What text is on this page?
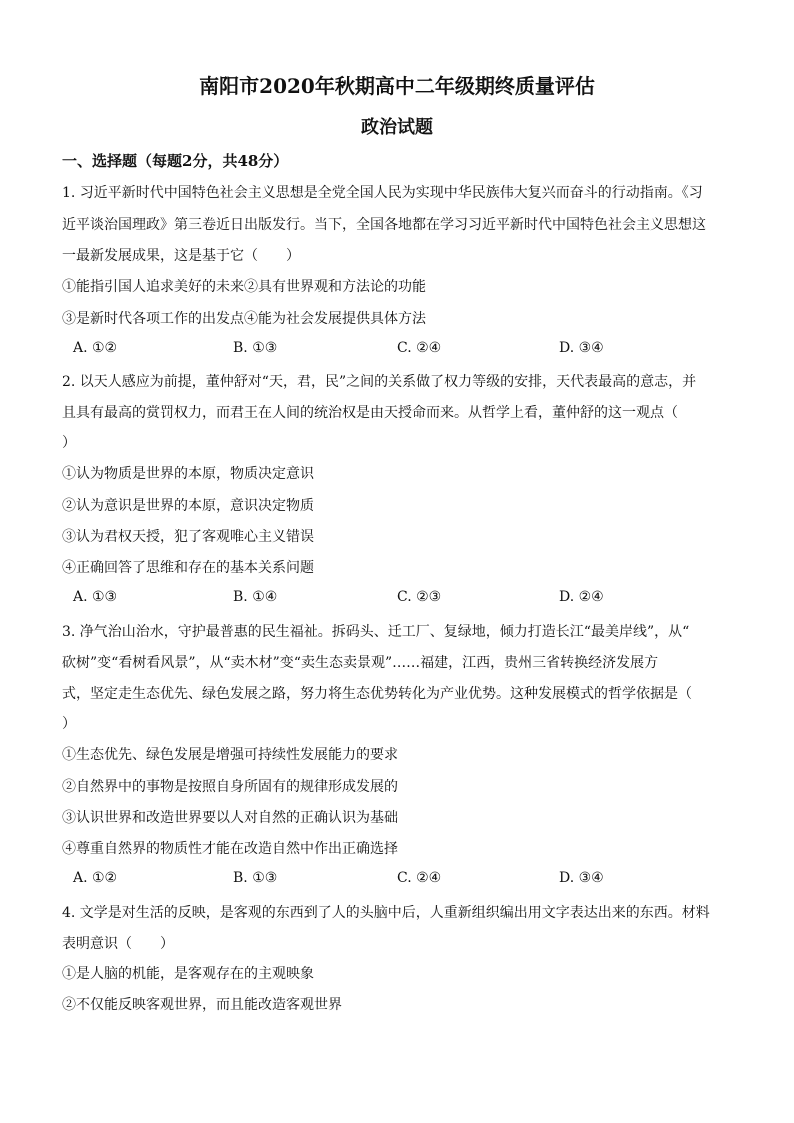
南阳市2020年秋期高中二年级期终质量评估
政治试题
一、选择题（每题2分，共48分）
1. 习近平新时代中国特色社会主义思想是全党全国人民为实现中华民族伟大复兴而奋斗的行动指南。《习
近平谈治国理政》第三卷近日出版发行。当下，全国各地都在学习习近平新时代中国特色社会主义思想这
一最新发展成果，这是基于它（　　）
①能指引国人追求美好的未来②具有世界观和方法论的功能
③是新时代各项工作的出发点④能为社会发展提供具体方法
A. ①②	B. ①③	C. ②④	D. ③④
2. 以天人感应为前提，董仲舒对“天，君，民”之间的关系做了权力等级的安排，天代表最高的意志，并
且具有最高的赏罚权力，而君王在人间的统治权是由天授命而来。从哲学上看，董仲舒的这一观点（
）
①认为物质是世界的本原，物质决定意识
②认为意识是世界的本原，意识决定物质
③认为君权天授，犯了客观唯心主义错误
④正确回答了思维和存在的基本关系问题
A. ①③	B. ①④	C. ②③	D. ②④
3. 净气治山治水，守护最普惠的民生福祉。拆码头、迁工厂、复绿地，倾力打造长江“最美岸线”，从“
砍树”变“看树看风景”，从“卖木材”变“卖生态卖景观”……福建，江西，贵州三省转换经济发展方
式，坚定走生态优先、绿色发展之路，努力将生态优势转化为产业优势。这种发展模式的哲学依据是（
）
①生态优先、绿色发展是增强可持续性发展能力的要求
②自然界中的事物是按照自身所固有的规律形成发展的
③认识世界和改造世界要以人对自然的正确认识为基础
④尊重自然界的物质性才能在改造自然中作出正确选择
A. ①②	B. ①③	C. ②④	D. ③④
4. 文学是对生活的反映，是客观的东西到了人的头脑中后，人重新组织编出用文字表达出来的东西。材料
表明意识（　　）
①是人脑的机能，是客观存在的主观映象
②不仅能反映客观世界，而且能改造客观世界
